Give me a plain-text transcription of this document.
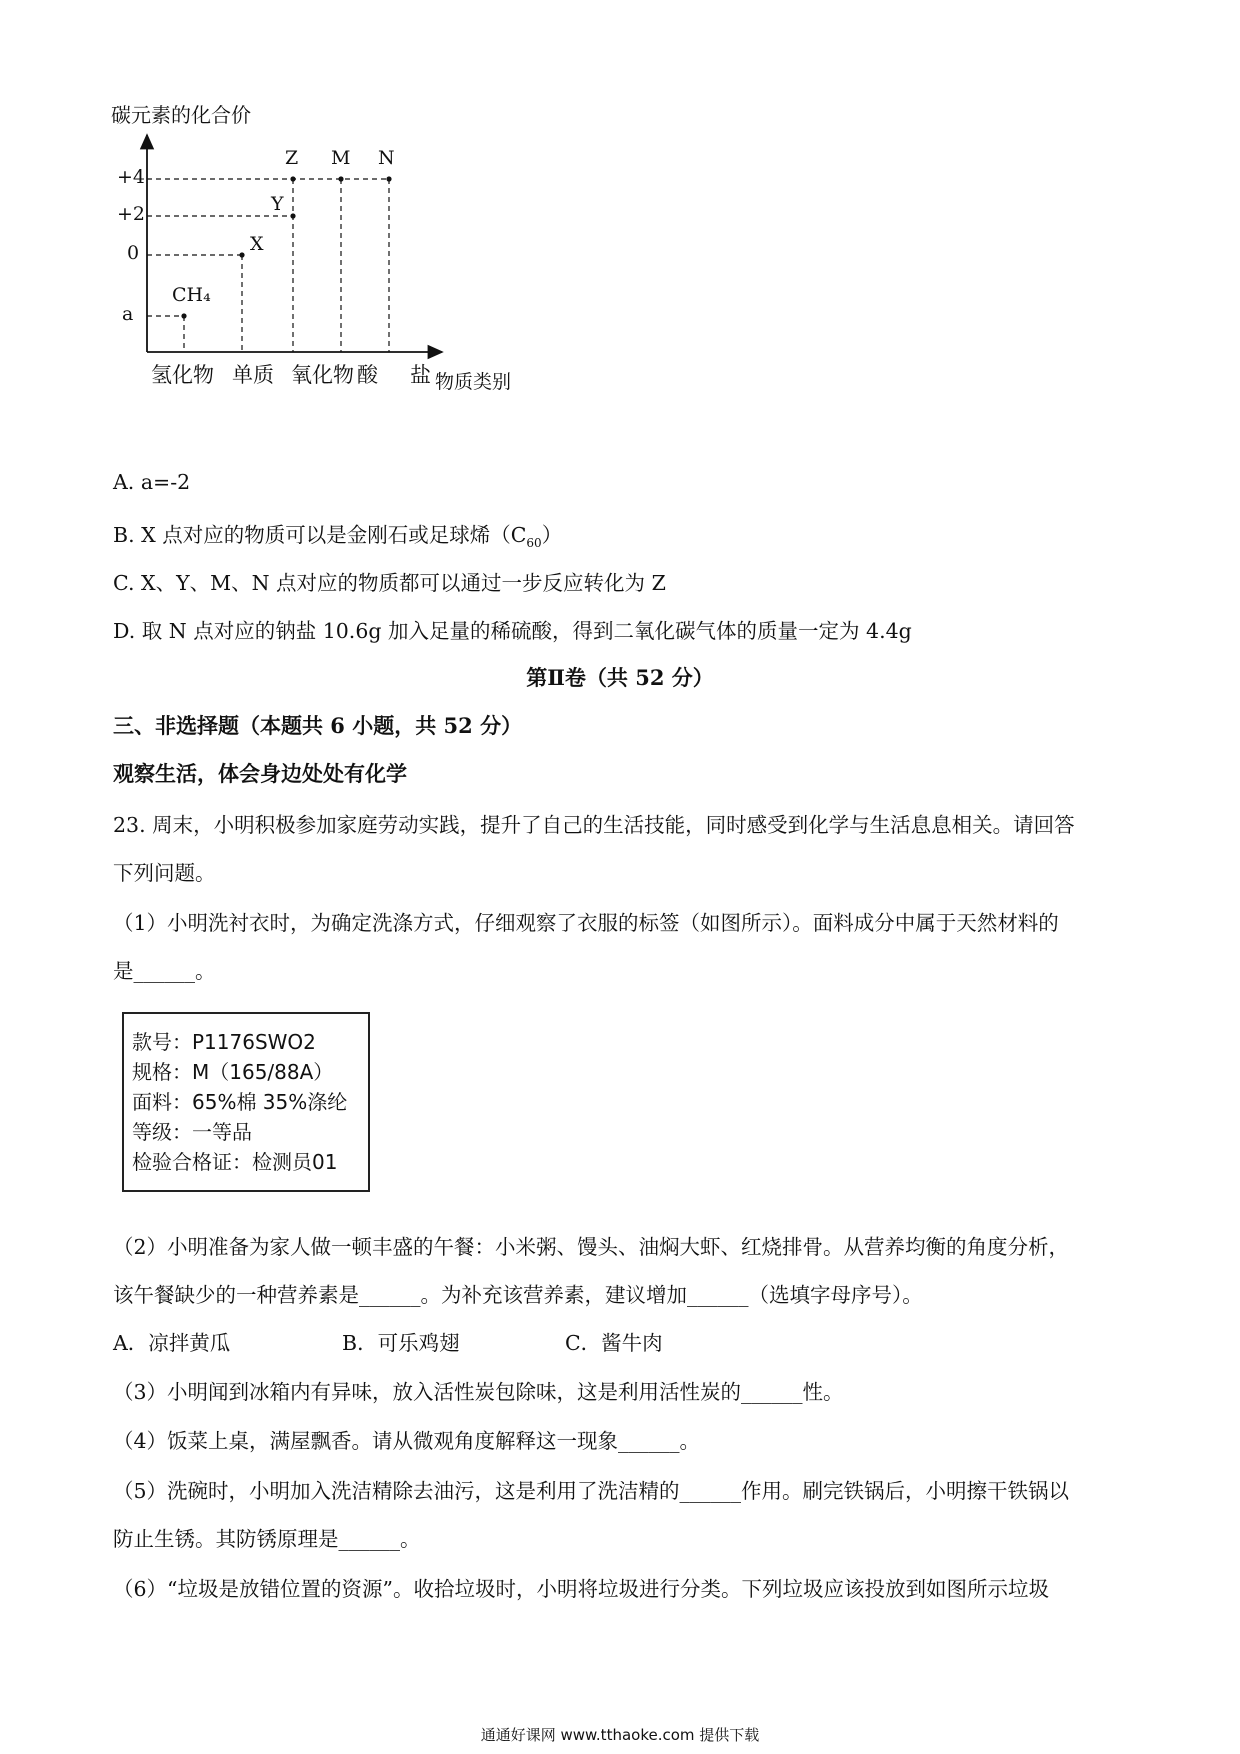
碳元素的化合价
+4
+2
0
a
CH₄
X
Y
Z M N
氢化物 单质 氧化物 酸 盐 物质类别
A. a=-2
B. X 点对应的物质可以是金刚石或足球烯$(C_{60})$
C. X、Y、M、N 点对应的物质都可以通过一步反应转化为 Z
D. 取 N 点对应的钠盐 10.6g 加入足量的稀硫酸，得到二氧化碳气体的质量一定为 4.4g
第Ⅱ卷（共 52 分）
三、非选择题（本题共 6 小题，共 52 分）
观察生活，体会身边处处有化学
23. 周末，小明积极参加家庭劳动实践，提升了自己的生活技能，同时感受到化学与生活息息相关。请回答
下列问题。
（1）小明洗衬衣时，为确定洗涤方式，仔细观察了衣服的标签（如图所示）。面料成分中属于天然材料的
是______。
款号：P1176SWO2
规格：M（165/88A）
面料：65%棉 35%涤纶
等级：一等品
检验合格证：检测员01
（2）小明准备为家人做一顿丰盛的午餐：小米粥、馒头、油焖大虾、红烧排骨。从营养均衡的角度分析，
该午餐缺少的一种营养素是______。为补充该营养素，建议增加______（选填字母序号）。
A．凉拌黄瓜	B．可乐鸡翅	C．酱牛肉
（3）小明闻到冰箱内有异味，放入活性炭包除味，这是利用活性炭的______性。
（4）饭菜上桌，满屋飘香。请从微观角度解释这一现象______。
（5）洗碗时，小明加入洗洁精除去油污，这是利用了洗洁精的______作用。刷完铁锅后，小明擦干铁锅以
防止生锈。其防锈原理是______。
（6）“垃圾是放错位置的资源”。收拾垃圾时，小明将垃圾进行分类。下列垃圾应该投放到如图所示垃圾
通通好课网 www.tthaoke.com 提供下载
